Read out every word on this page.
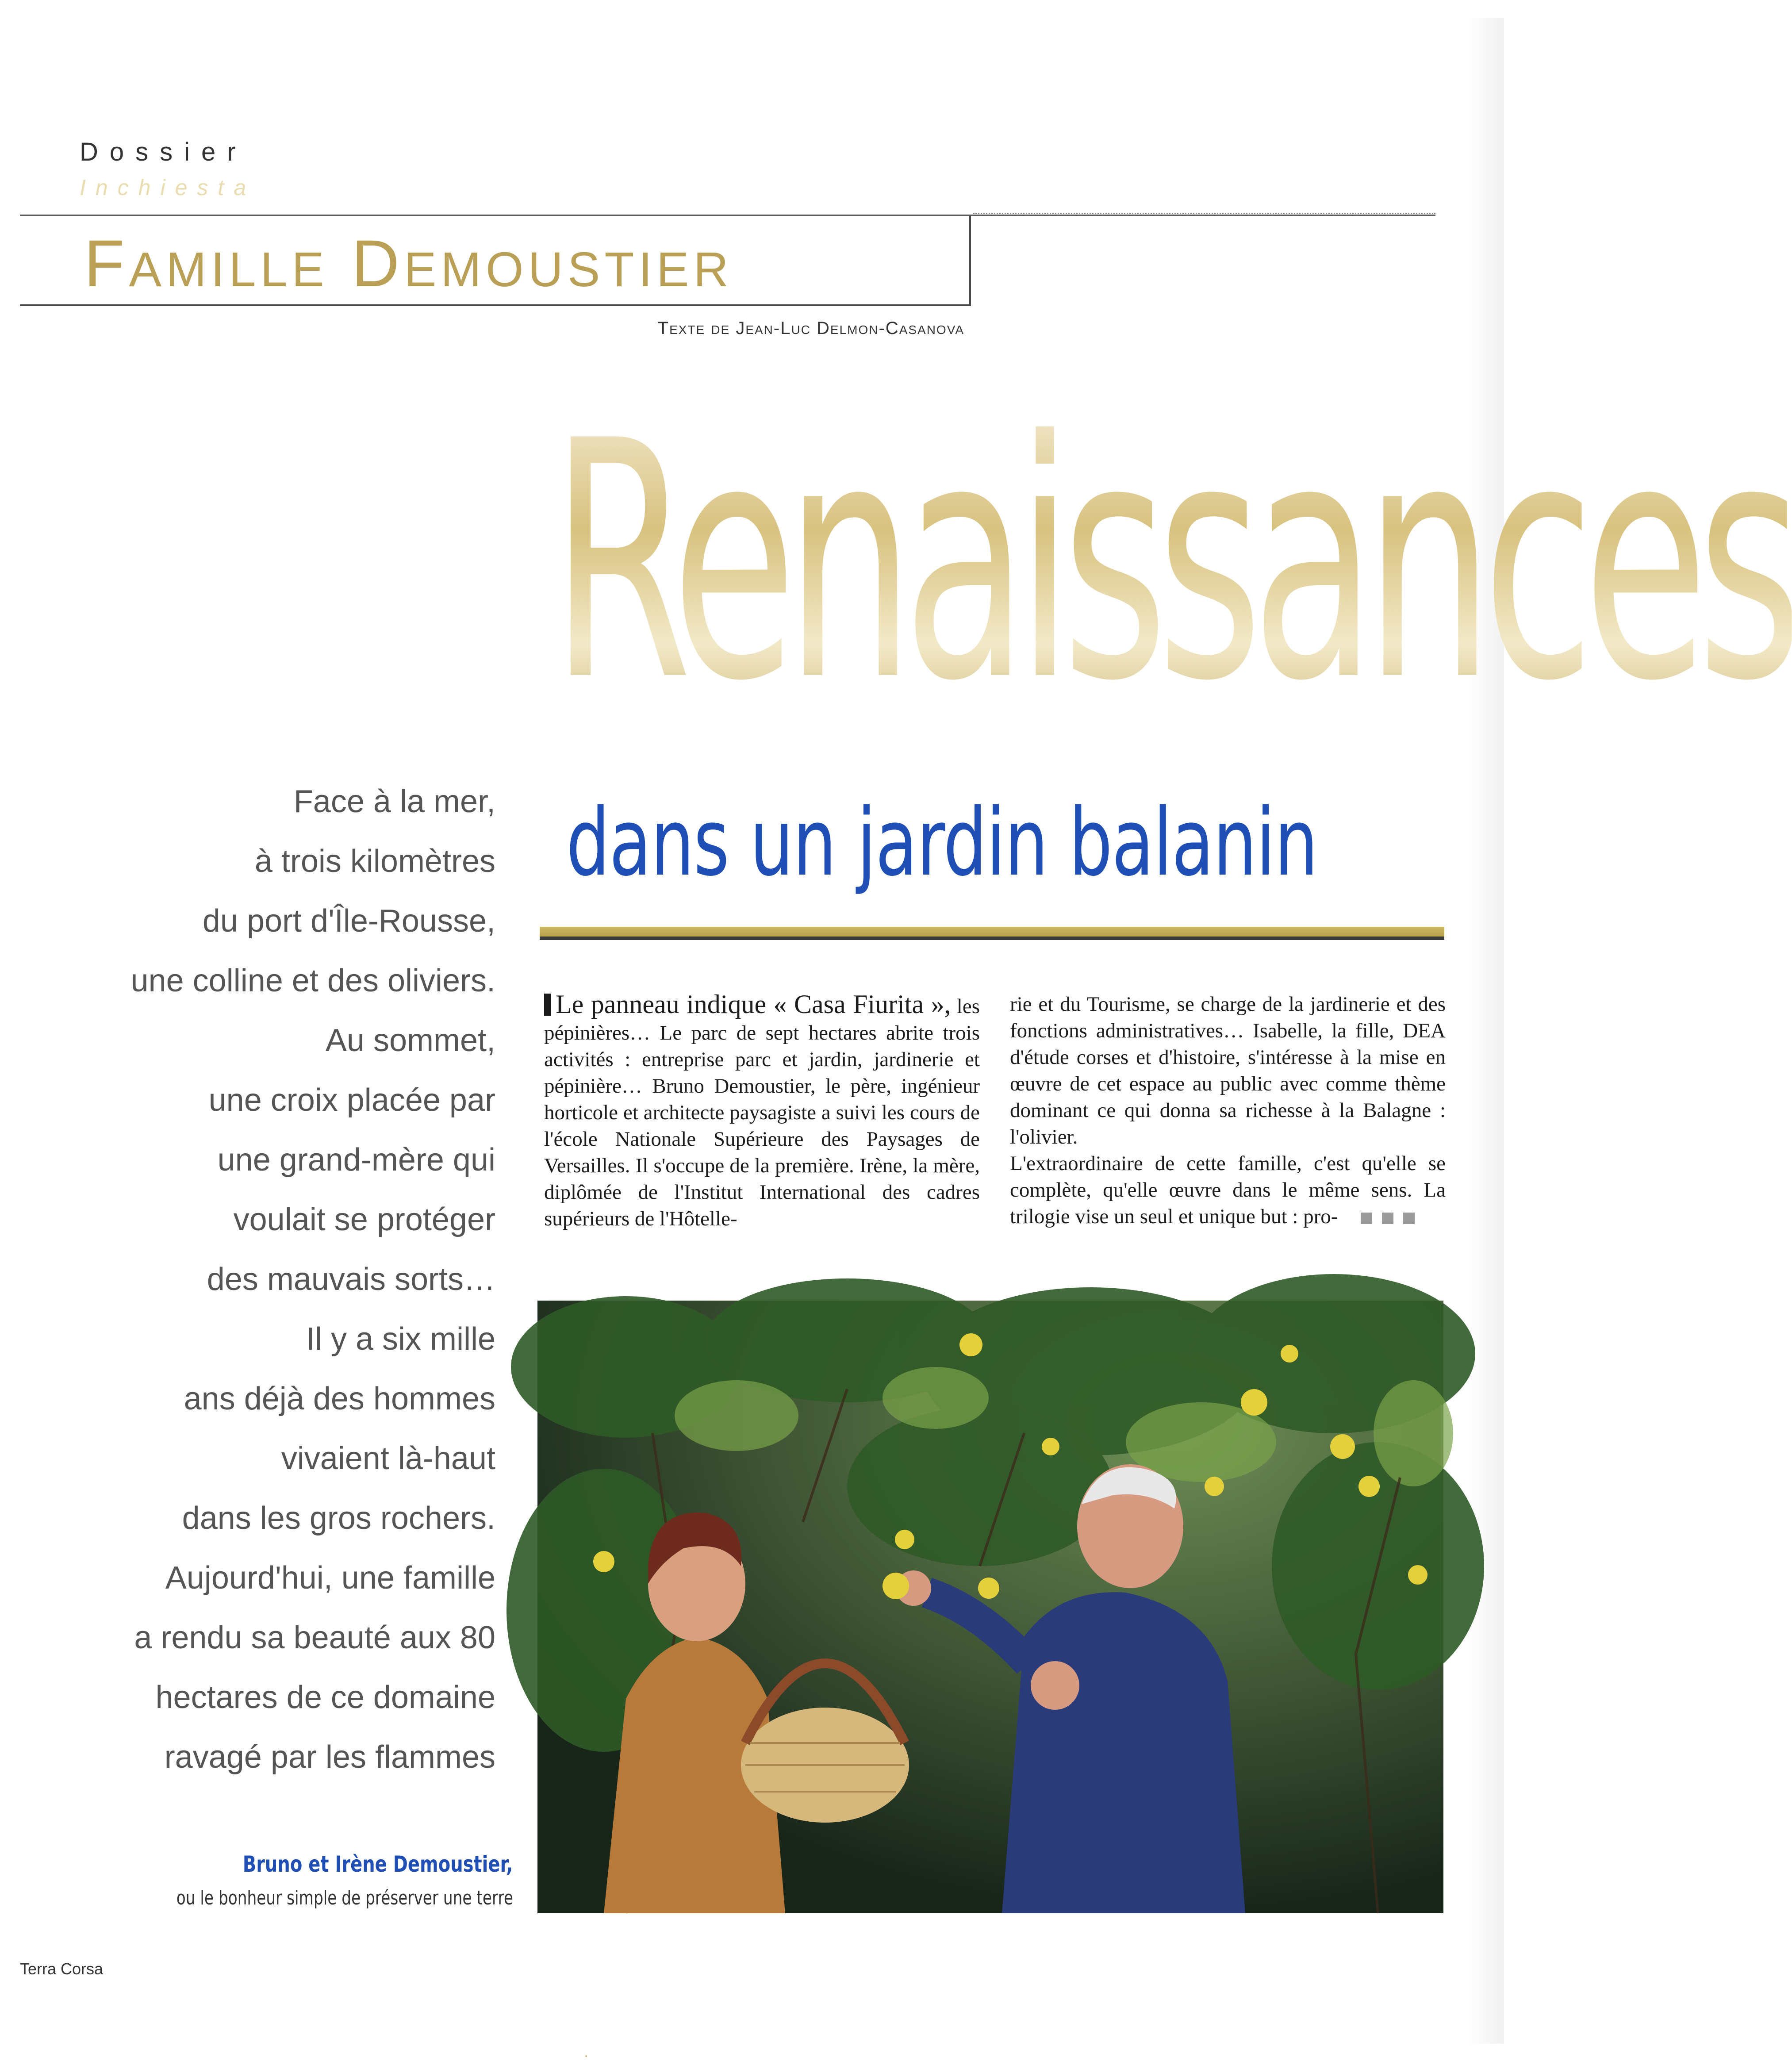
Dossier
Inchiesta
FAMILLE DEMOUSTIER
Texte de Jean-Luc Delmon-Casanova
Renaissances
dans un jardin balanin
Face à la mer,
à trois kilomètres
du port d'Île-Rousse,
une colline et des oliviers.
Au sommet,
une croix placée par
une grand-mère qui
voulait se protéger
des mauvais sorts…
Il y a six mille
ans déjà des hommes
vivaient là-haut
dans les gros rochers.
Aujourd'hui, une famille
a rendu sa beauté aux 80
hectares de ce domaine
ravagé par les flammes

Le panneau indique « Casa Fiurita », les pépinières… Le parc de sept hectares abrite trois activités : entreprise parc et jardin, jardinerie et pépinière… Bruno Demoustier, le père, ingénieur horticole et architecte paysagiste a suivi les cours de l'école Nationale Supérieure des Paysages de Versailles. Il s'occupe de la première. Irène, la mère, diplômée de l'Institut International des cadres supérieurs de l'Hôtelle-

rie et du Tourisme, se charge de la jardinerie et des fonctions administratives… Isabelle, la fille, DEA d'étude corses et d'histoire, s'intéresse à la mise en œuvre de cet espace au public avec comme thème dominant ce qui donna sa richesse à la Balagne : l'olivier.

L'extraordinaire de cette famille, c'est qu'elle se complète, qu'elle œuvre dans le même sens. La trilogie vise un seul et unique but : pro-

Bruno et Irène Demoustier,
ou le bonheur simple de préserver une terre
Terra Corsa
·
